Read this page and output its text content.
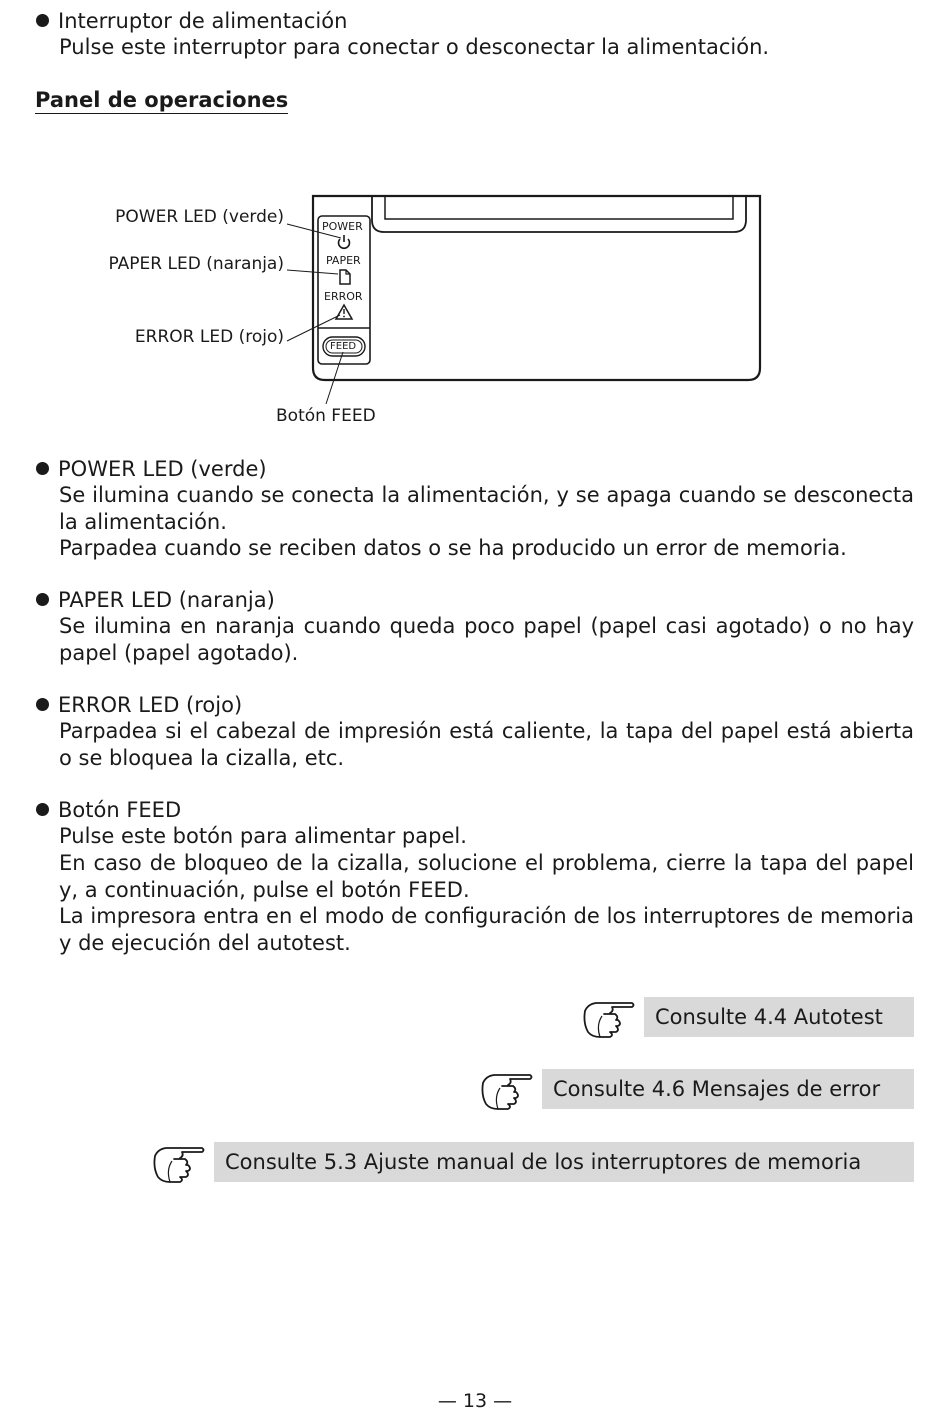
Interruptor de alimentación
Pulse este interruptor para conectar o desconectar la alimentación.
Panel de operaciones
POWER
PAPER
ERROR
FEED
POWER LED (verde)
PAPER LED (naranja)
ERROR LED (rojo)
Botón FEED
POWER LED (verde)
Se ilumina cuando se conecta la alimentación, y se apaga cuando se desconecta la alimentación.
Parpadea cuando se reciben datos o se ha producido un error de memoria.
PAPER LED (naranja)
Se ilumina en naranja cuando queda poco papel (papel casi agotado) o no hay papel (papel agotado).
ERROR LED (rojo)
Parpadea si el cabezal de impresión está caliente, la tapa del papel está abierta o se bloquea la cizalla, etc.
Botón FEED
Pulse este botón para alimentar papel.
En caso de bloqueo de la cizalla, solucione el problema, cierre la tapa del papel y, a continuación, pulse el botón FEED.
La impresora entra en el modo de configuración de los interruptores de memoria y de ejecución del autotest.
Consulte 4.4 Autotest
Consulte 4.6 Mensajes de error
Consulte 5.3 Ajuste manual de los interruptores de memoria
— 13 —
